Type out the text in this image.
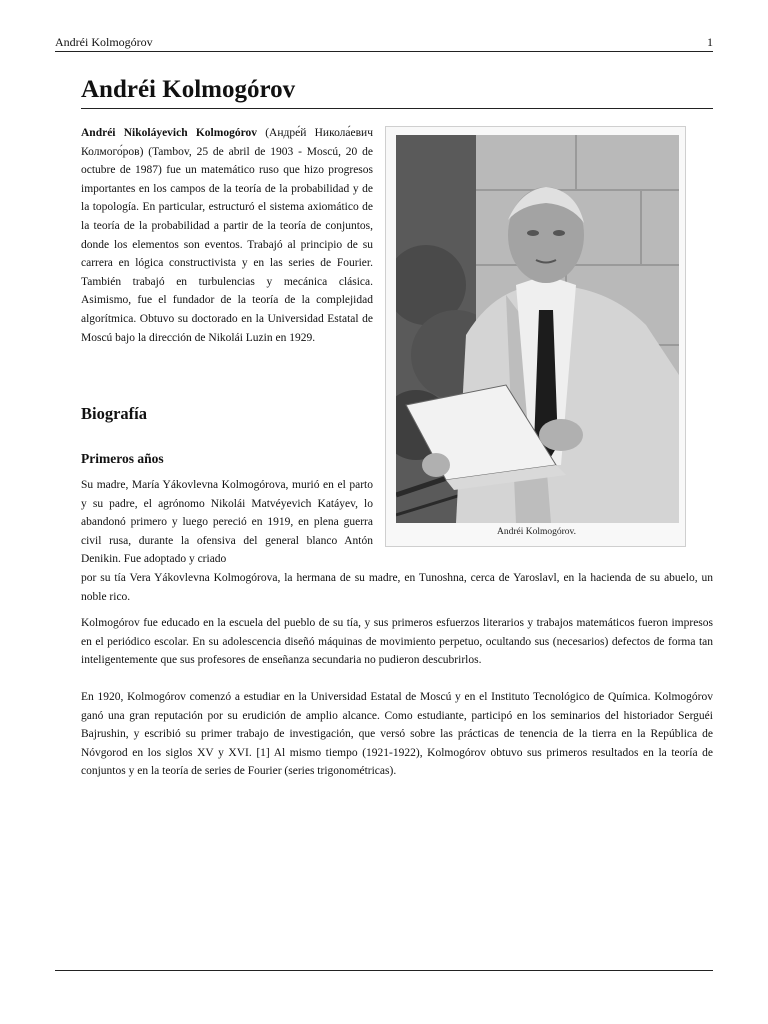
Andréi Kolmogórov	1
Andréi Kolmogórov

Andréi Nikoláyevich Kolmogórov (Андре́й Никола́евич Колмого́ров) (Tambov, 25 de abril de 1903 - Moscú, 20 de octubre de 1987) fue un matemático ruso que hizo progresos importantes en los campos de la teoría de la probabilidad y de la topología. En particular, estructuró el sistema axiomático de la teoría de la probabilidad a partir de la teoría de conjuntos, donde los elementos son eventos. Trabajó al principio de su carrera en lógica constructivista y en las series de Fourier. También trabajó en turbulencias y mecánica clásica. Asimismo, fue el fundador de la teoría de la complejidad algorítmica. Obtuvo su doctorado en la Universidad Estatal de Moscú bajo la dirección de Nikolái Luzin en 1929.

Andréi Kolmogórov.
Biografía
Primeros años

Su madre, María Yákovlevna Kolmogórova, murió en el parto y su padre, el agrónomo Nikolái Matvéyevich Katáyev, lo abandonó primero y luego pereció en 1919, en plena guerra civil rusa, durante la ofensiva del general blanco Antón Denikin. Fue adoptado y criado

por su tía Vera Yákovlevna Kolmogórova, la hermana de su madre, en Tunoshna, cerca de Yaroslavl, en la hacienda de su abuelo, un noble rico.

Kolmogórov fue educado en la escuela del pueblo de su tía, y sus primeros esfuerzos literarios y trabajos matemáticos fueron impresos en el periódico escolar. En su adolescencia diseñó máquinas de movimiento perpetuo, ocultando sus (necesarios) defectos de forma tan inteligentemente que sus profesores de enseñanza secundaria no pudieron descubrirlos.

En 1920, Kolmogórov comenzó a estudiar en la Universidad Estatal de Moscú y en el Instituto Tecnológico de Química. Kolmogórov ganó una gran reputación por su erudición de amplio alcance. Como estudiante, participó en los seminarios del historiador Serguéi Bajrushin, y escribió su primer trabajo de investigación, que versó sobre las prácticas de tenencia de la tierra en la República de Nóvgorod en los siglos XV y XVI. [1] Al mismo tiempo (1921-1922), Kolmogórov obtuvo sus primeros resultados en la teoría de conjuntos y en la teoría de series de Fourier (series trigonométricas).
